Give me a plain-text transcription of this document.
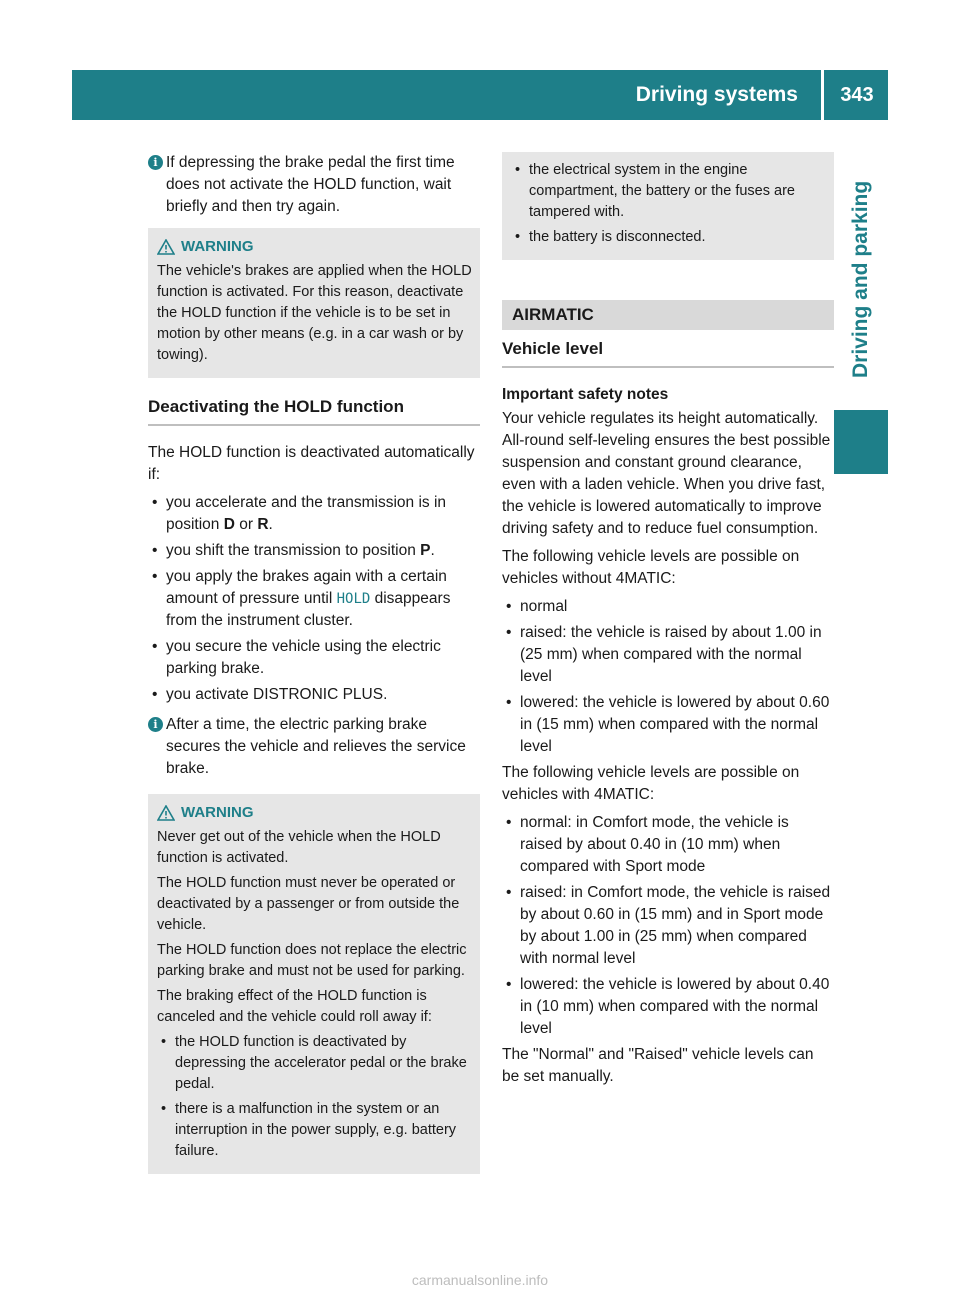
Driving systems	343
Driving and parking
i If depressing the brake pedal the first time does not activate the HOLD function, wait briefly and then try again.
WARNING

The vehicle's brakes are applied when the HOLD function is activated. For this reason, deactivate the HOLD function if the vehicle is to be set in motion by other means (e.g. in a car wash or by towing).

Deactivating the HOLD function

The HOLD function is deactivated automatically if:

• you accelerate and the transmission is in position D or R.
• you shift the transmission to position P.
• you apply the brakes again with a certain amount of pressure until HOLD disappears from the instrument cluster.
• you secure the vehicle using the electric parking brake.
• you activate DISTRONIC PLUS.
i After a time, the electric parking brake secures the vehicle and relieves the service brake.
WARNING

Never get out of the vehicle when the HOLD function is activated.

The HOLD function must never be operated or deactivated by a passenger or from outside the vehicle.

The HOLD function does not replace the electric parking brake and must not be used for parking.

The braking effect of the HOLD function is canceled and the vehicle could roll away if:

• the HOLD function is deactivated by depressing the accelerator pedal or the brake pedal.
• there is a malfunction in the system or an interruption in the power supply, e.g. battery failure.
• the electrical system in the engine compartment, the battery or the fuses are tampered with.
• the battery is disconnected.
AIRMATIC
Vehicle level
Important safety notes

Your vehicle regulates its height automatically. All-round self-leveling ensures the best possible suspension and constant ground clearance, even with a laden vehicle. When you drive fast, the vehicle is lowered automatically to improve driving safety and to reduce fuel consumption.

The following vehicle levels are possible on vehicles without 4MATIC:

• normal
• raised: the vehicle is raised by about 1.00 in (25 mm) when compared with the normal level
• lowered: the vehicle is lowered by about 0.60 in (15 mm) when compared with the normal level

The following vehicle levels are possible on vehicles with 4MATIC:

• normal: in Comfort mode, the vehicle is raised by about 0.40 in (10 mm) when compared with Sport mode
• raised: in Comfort mode, the vehicle is raised by about 0.60 in (15 mm) and in Sport mode by about 1.00 in (25 mm) when compared with normal level
• lowered: the vehicle is lowered by about 0.40 in (10 mm) when compared with the normal level

The "Normal" and "Raised" vehicle levels can be set manually.

carmanualsonline.info
